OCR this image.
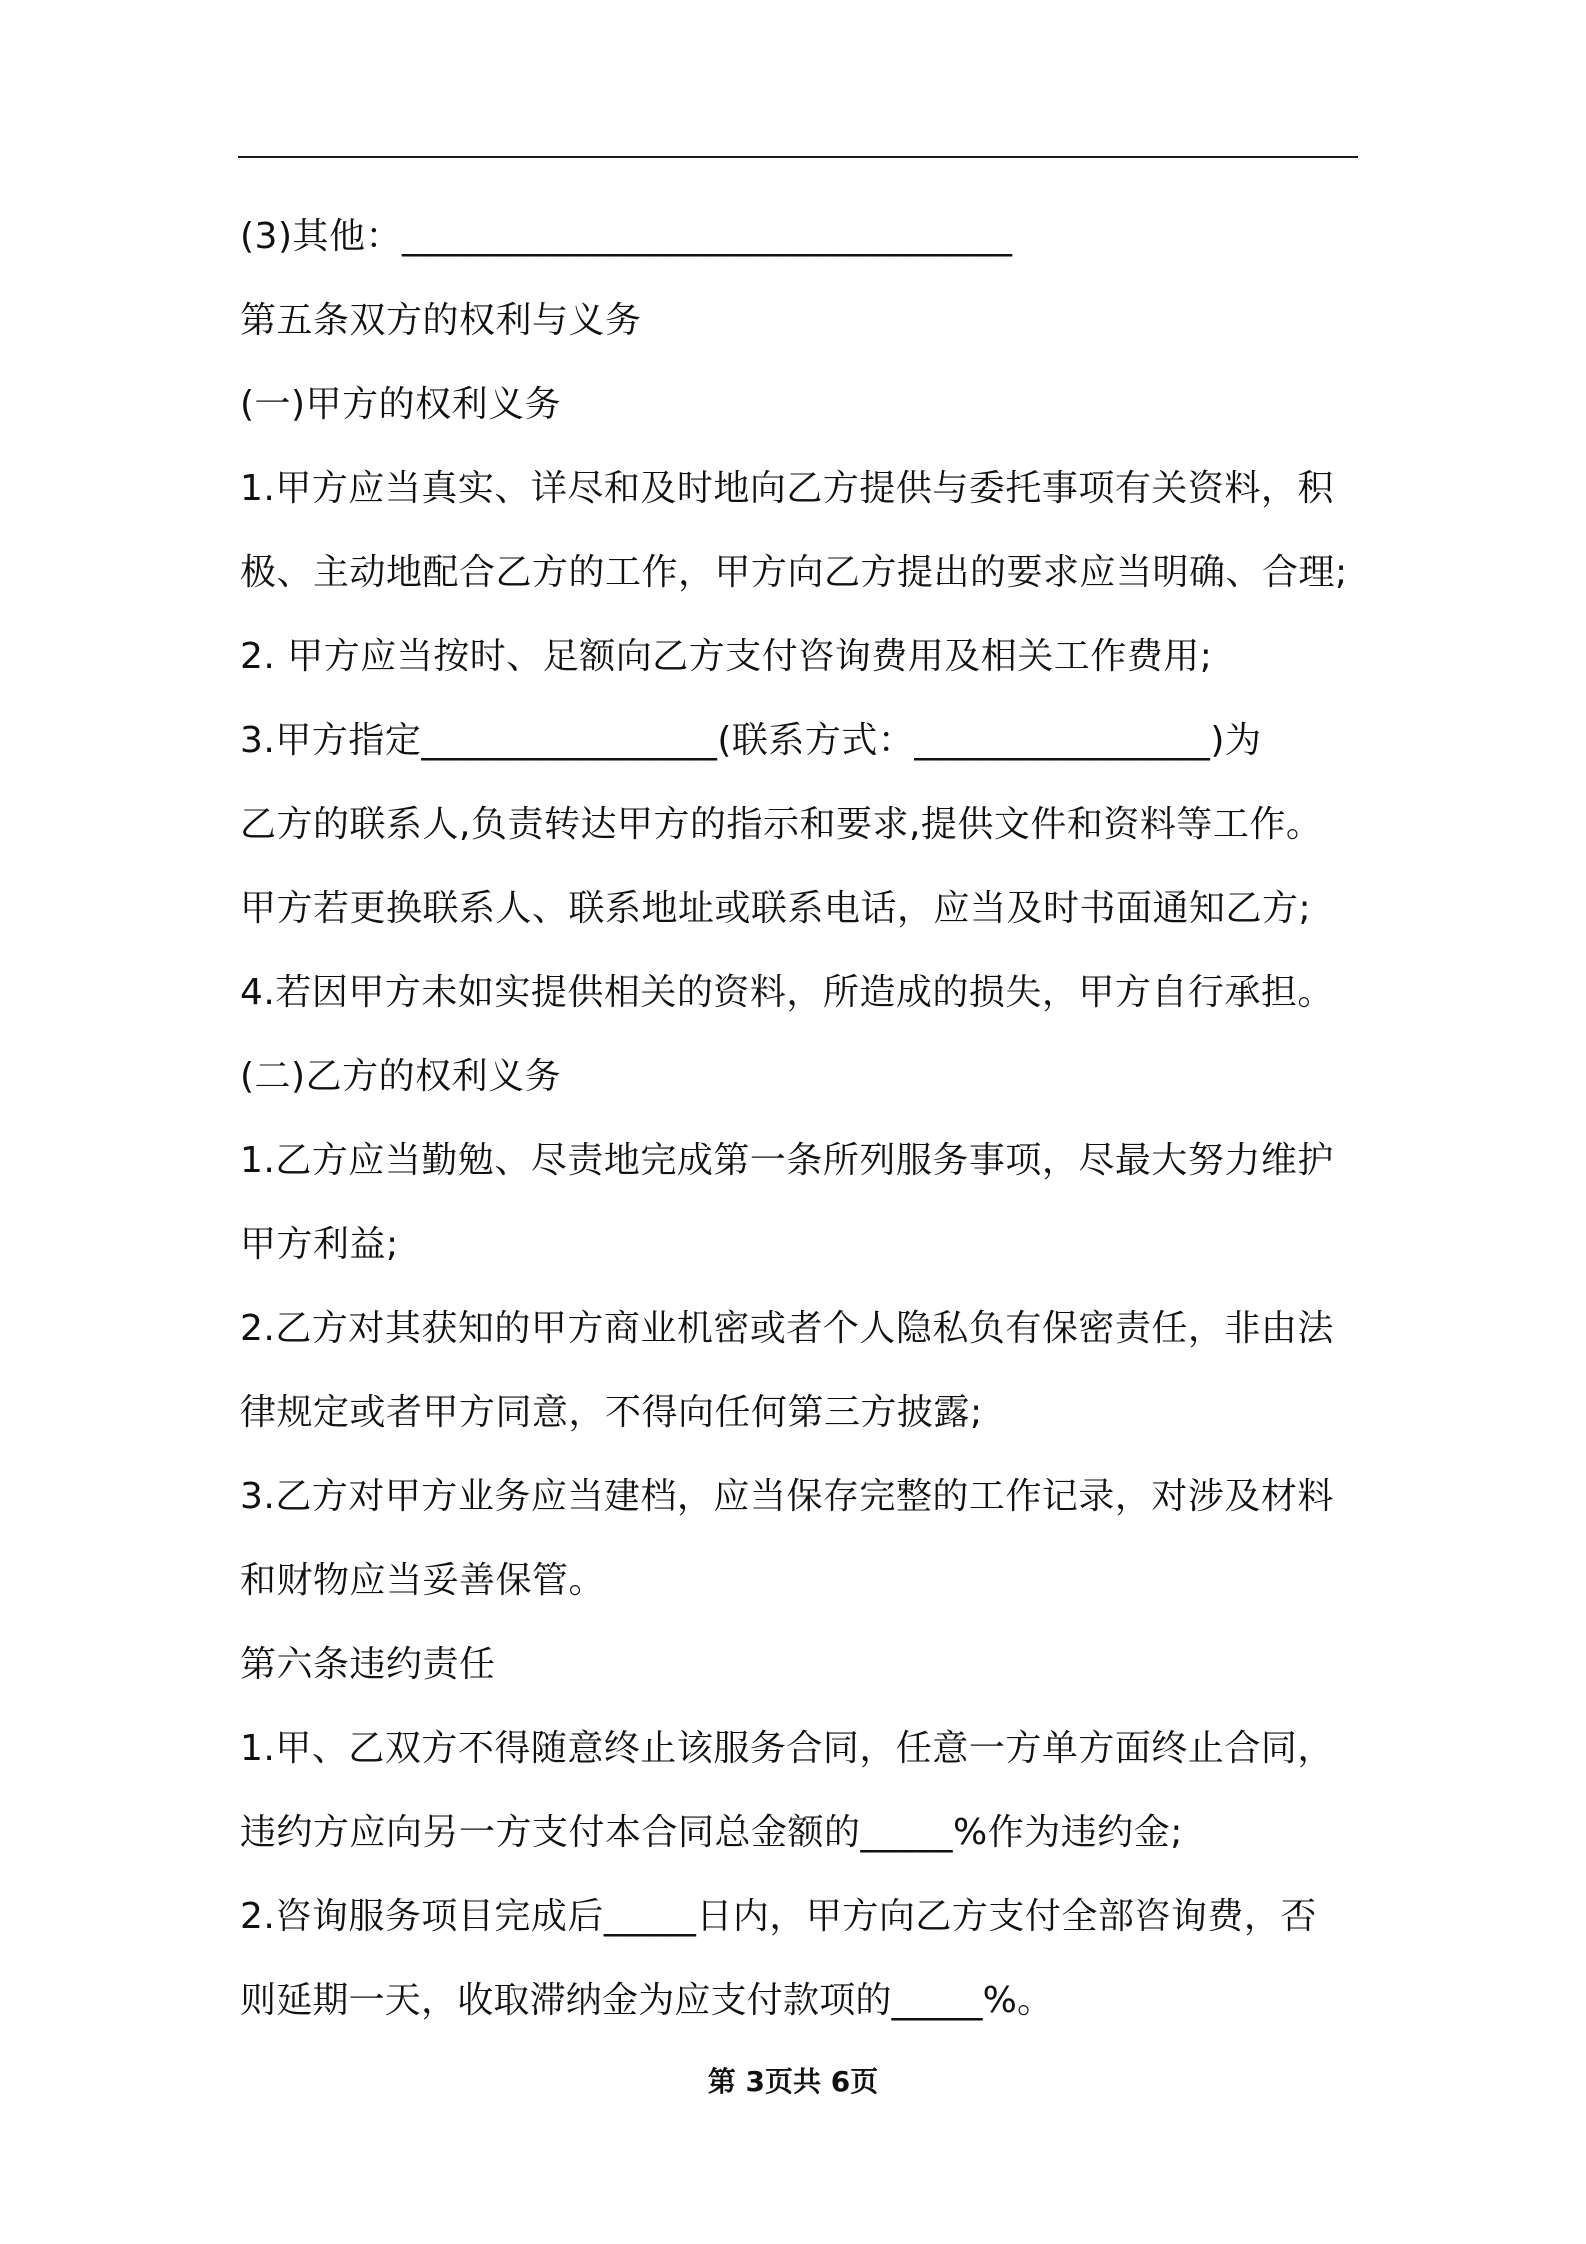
(3)其他：_________________________________
第五条双方的权利与义务
(一)甲方的权利义务
1.甲方应当真实、详尽和及时地向乙方提供与委托事项有关资料，积
极、主动地配合乙方的工作，甲方向乙方提出的要求应当明确、合理;
2. 甲方应当按时、足额向乙方支付咨询费用及相关工作费用;
3.甲方指定________________(联系方式：________________)为
乙方的联系人,负责转达甲方的指示和要求,提供文件和资料等工作。
甲方若更换联系人、联系地址或联系电话，应当及时书面通知乙方;
4.若因甲方未如实提供相关的资料，所造成的损失，甲方自行承担。
(二)乙方的权利义务
1.乙方应当勤勉、尽责地完成第一条所列服务事项，尽最大努力维护
甲方利益;
2.乙方对其获知的甲方商业机密或者个人隐私负有保密责任，非由法
律规定或者甲方同意，不得向任何第三方披露;
3.乙方对甲方业务应当建档，应当保存完整的工作记录，对涉及材料
和财物应当妥善保管。
第六条违约责任
1.甲、乙双方不得随意终止该服务合同，任意一方单方面终止合同，
违约方应向另一方支付本合同总金额的_____%作为违约金;
2.咨询服务项目完成后_____日内，甲方向乙方支付全部咨询费，否
则延期一天，收取滞纳金为应支付款项的_____%。
第 3页共 6页
